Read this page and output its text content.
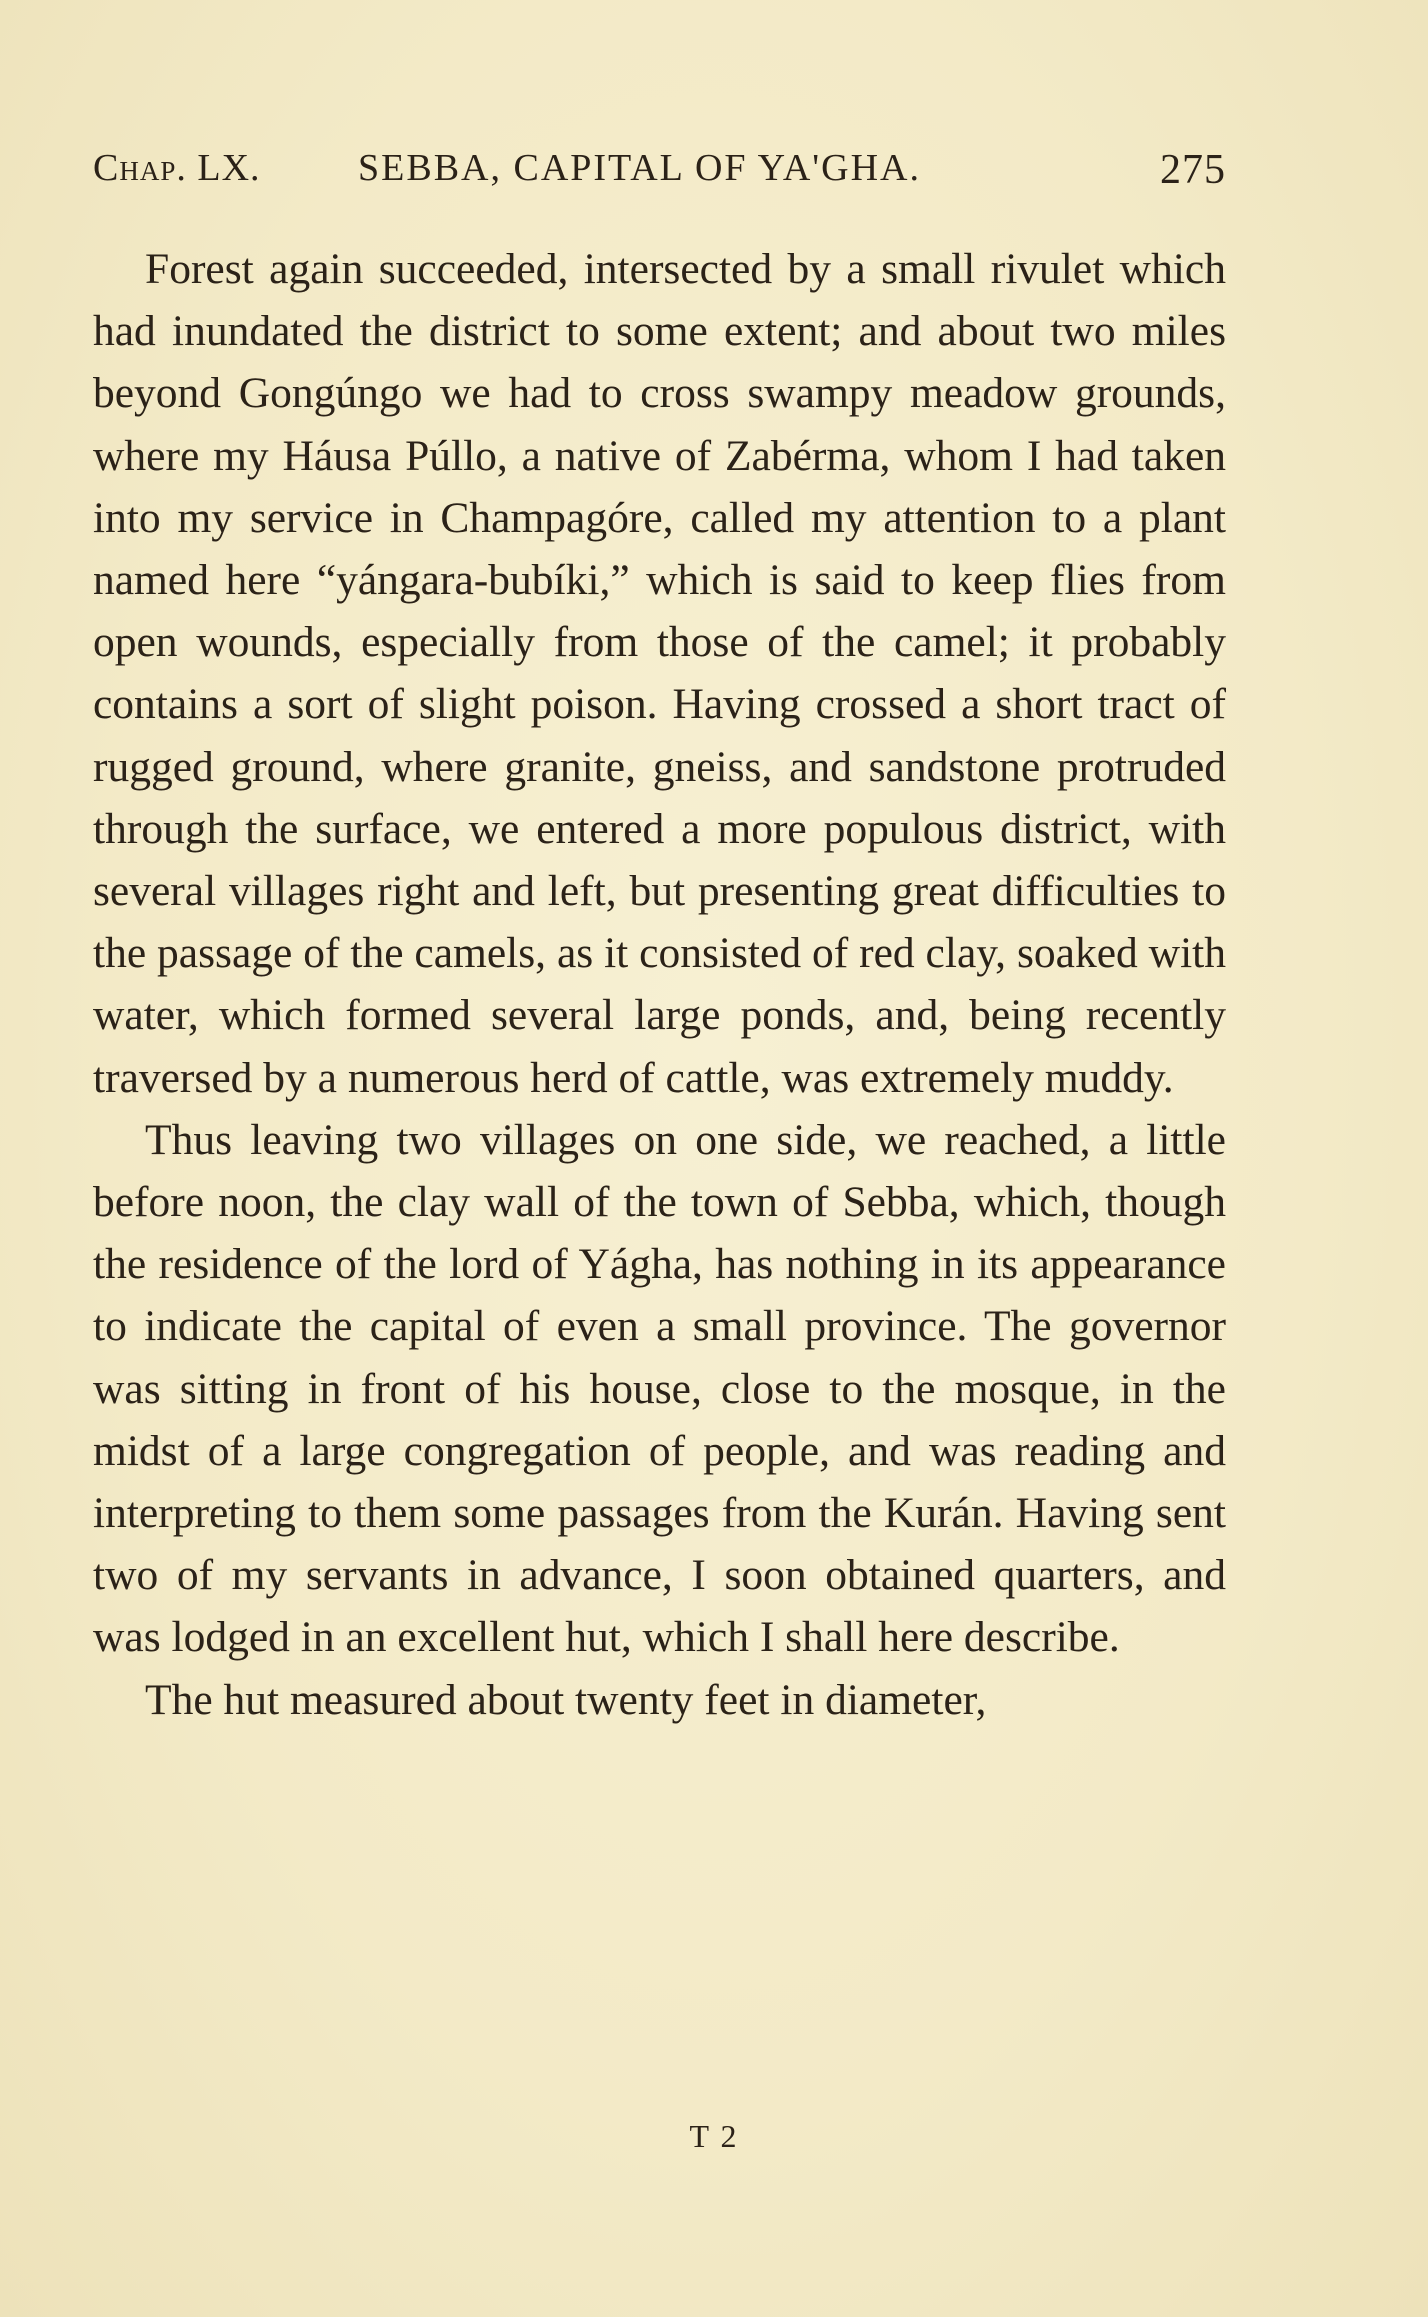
Chap. LX.	SEBBA, CAPITAL OF YA'GHA.	275

Forest again succeeded, intersected by a small rivulet which had inundated the district to some extent; and about two miles beyond Gongúngo we had to cross swampy meadow grounds, where my Háusa Púllo, a native of Zabérma, whom I had taken into my service in Champagóre, called my attention to a plant named here “yángara-bubíki,” which is said to keep flies from open wounds, especially from those of the camel; it probably contains a sort of slight poison. Having crossed a short tract of rugged ground, where granite, gneiss, and sandstone protruded through the surface, we entered a more populous district, with several villages right and left, but presenting great difficulties to the passage of the camels, as it consisted of red clay, soaked with water, which formed several large ponds, and, being recently traversed by a numerous herd of cattle, was extremely muddy.

Thus leaving two villages on one side, we reached, a little before noon, the clay wall of the town of Sebba, which, though the residence of the lord of Yágha, has nothing in its appearance to indicate the capital of even a small province. The governor was sitting in front of his house, close to the mosque, in the midst of a large congregation of people, and was reading and interpreting to them some passages from the Kurán. Having sent two of my servants in advance, I soon obtained quarters, and was lodged in an excellent hut, which I shall here describe.

The hut measured about twenty feet in diameter,

T 2
